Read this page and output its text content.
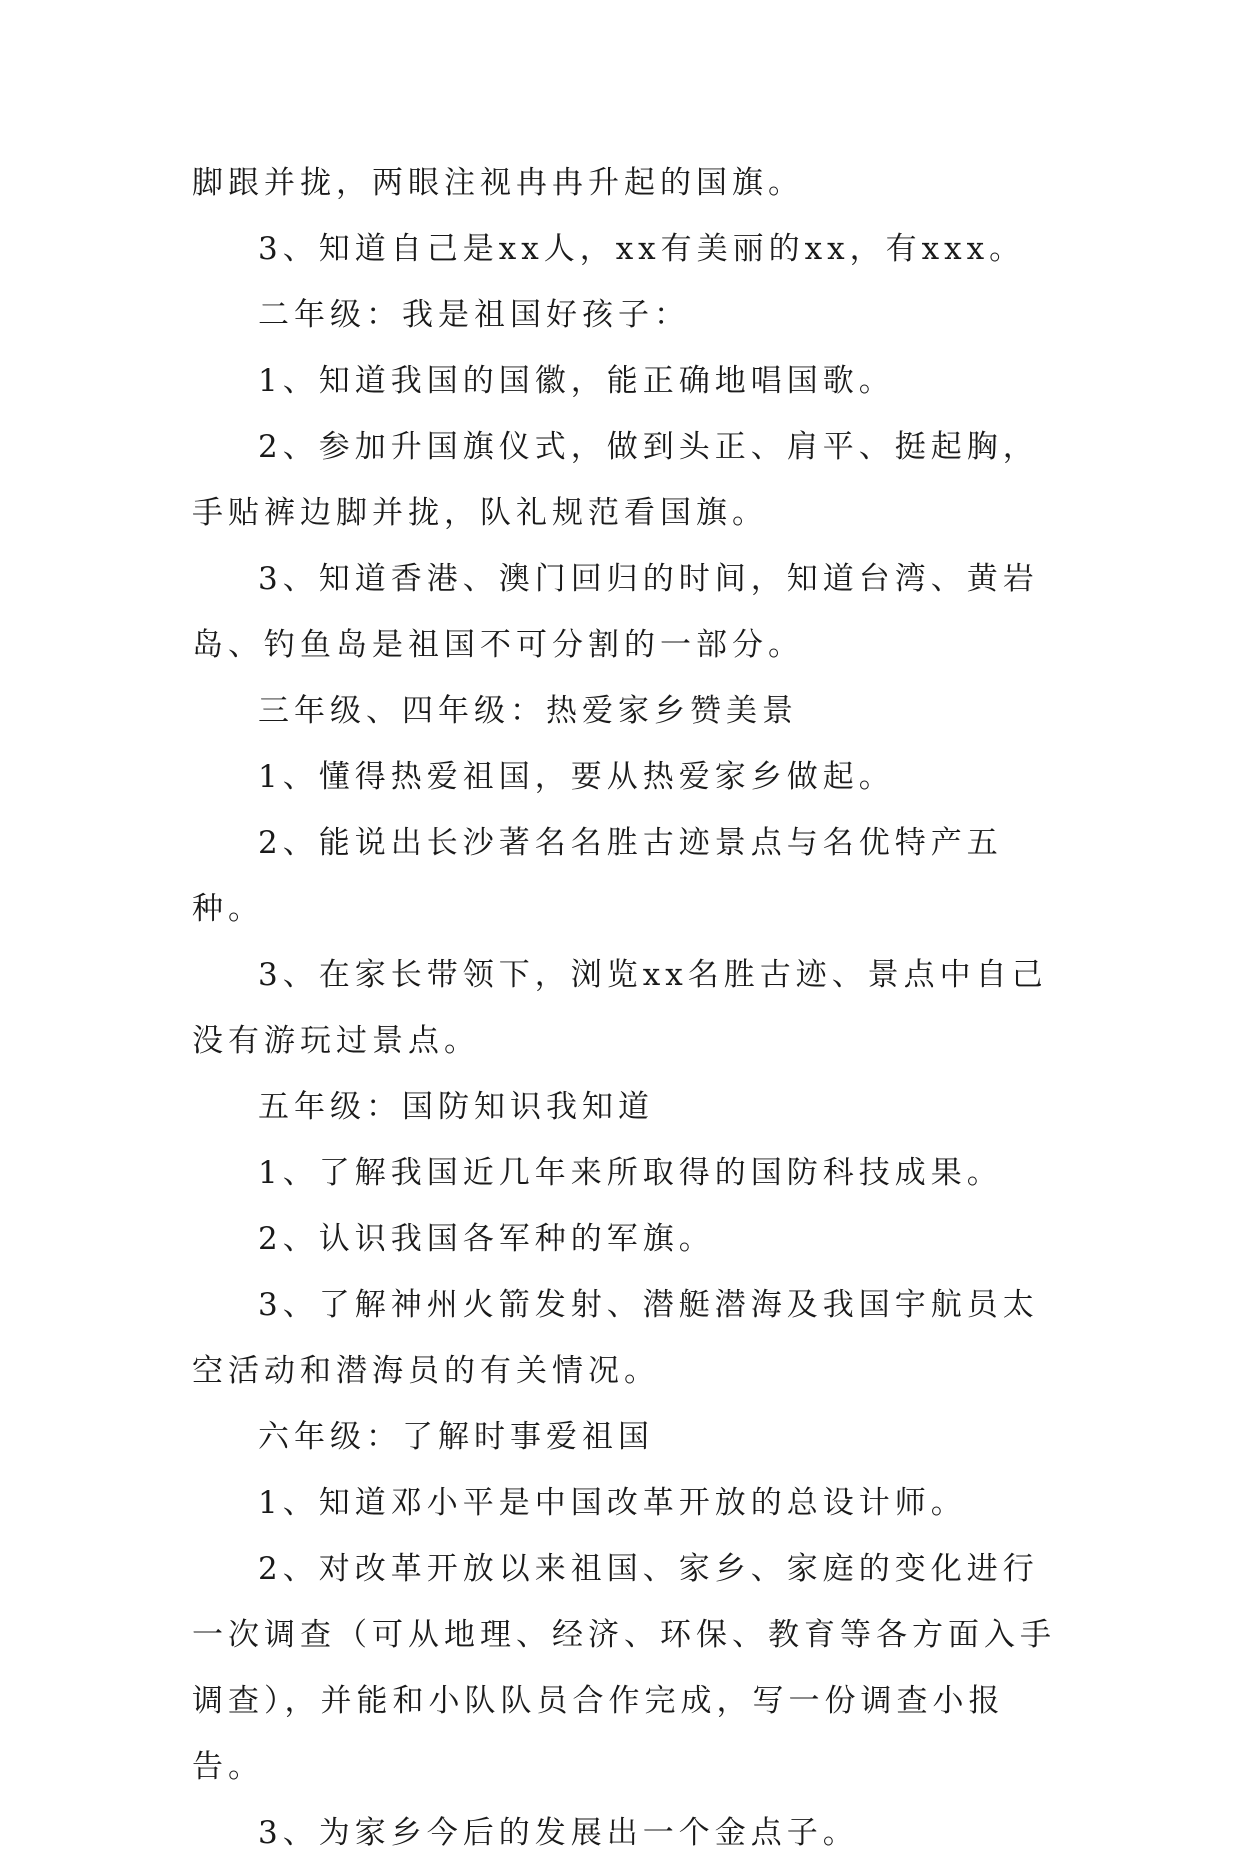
脚跟并拢，两眼注视冉冉升起的国旗。

3、知道自己是xx人，xx有美丽的xx，有xxx。

二年级：我是祖国好孩子：

1、知道我国的国徽，能正确地唱国歌。

2、参加升国旗仪式，做到头正、肩平、挺起胸，手贴裤边脚并拢，队礼规范看国旗。

3、知道香港、澳门回归的时间，知道台湾、黄岩岛、钓鱼岛是祖国不可分割的一部分。

三年级、四年级：热爱家乡赞美景

1、懂得热爱祖国，要从热爱家乡做起。

2、能说出长沙著名名胜古迹景点与名优特产五种。

3、在家长带领下，浏览xx名胜古迹、景点中自己没有游玩过景点。

五年级：国防知识我知道

1、了解我国近几年来所取得的国防科技成果。

2、认识我国各军种的军旗。

3、了解神州火箭发射、潜艇潜海及我国宇航员太空活动和潜海员的有关情况。

六年级：了解时事爱祖国

1、知道邓小平是中国改革开放的总设计师。

2、对改革开放以来祖国、家乡、家庭的变化进行一次调查（可从地理、经济、环保、教育等各方面入手调查），并能和小队队员合作完成，写一份调查小报告。

3、为家乡今后的发展出一个金点子。
